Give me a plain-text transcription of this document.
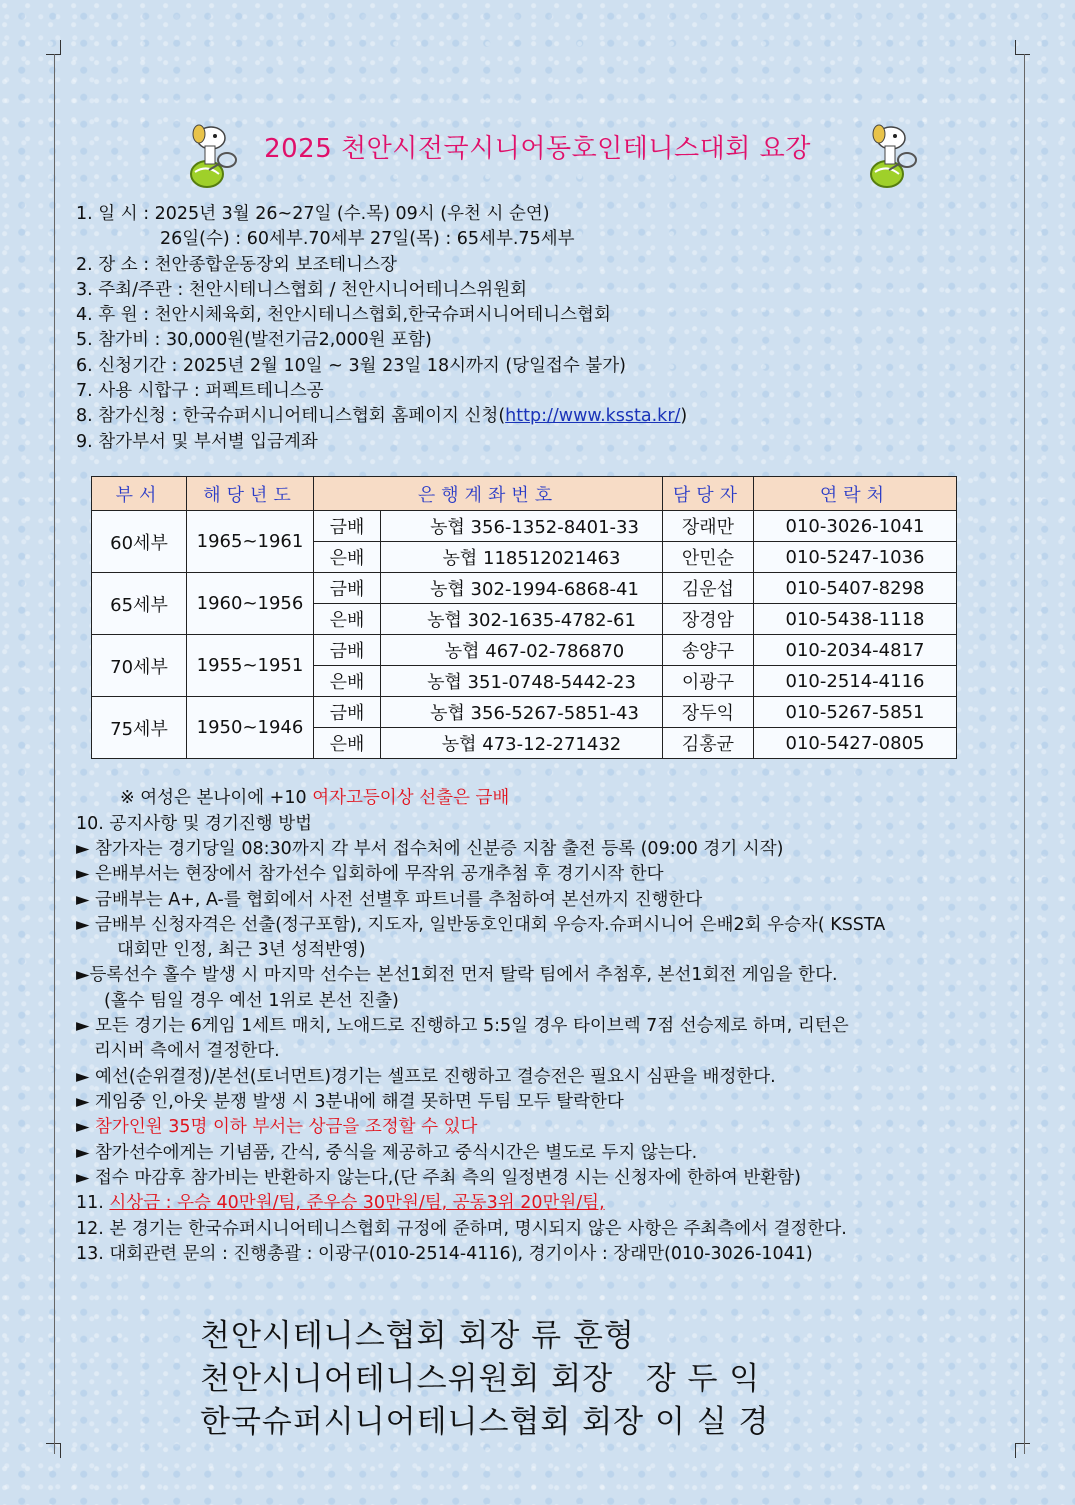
2025 천안시전국시니어동호인테니스대회 요강
1. 일 시 : 2025년 3월 26~27일 (수.목) 09시 (우천 시 순연)
26일(수) : 60세부.70세부 27일(목) : 65세부.75세부
2. 장 소 : 천안종합운동장외 보조테니스장
3. 주최/주관 : 천안시테니스협회 / 천안시니어테니스위원회
4. 후 원 : 천안시체육회, 천안시테니스협회,한국슈퍼시니어테니스협회
5. 참가비 : 30,000원(발전기금2,000원 포함)
6. 신청기간 : 2025년 2월 10일 ~ 3월 23일 18시까지 (당일접수 불가)
7. 사용 시합구 : 퍼펙트테니스공
8. 참가신청 : 한국슈퍼시니어테니스협회 홈페이지 신청(http://www.kssta.kr/)
9. 참가부서 및 부서별 입금계좌
부서	해당년도	은행계좌번호		담당자	연락처
60세부	1965~1961	금배	농협 356-1352-8401-33	장래만	010-3026-1041
		은배	농협 118512021463	안민순	010-5247-1036
65세부	1960~1956	금배	농협 302-1994-6868-41	김운섭	010-5407-8298
		은배	농협 302-1635-4782-61	장경암	010-5438-1118
70세부	1955~1951	금배	농협 467-02-786870	송양구	010-2034-4817
		은배	농협 351-0748-5442-23	이광구	010-2514-4116
75세부	1950~1946	금배	농협 356-5267-5851-43	장두익	010-5267-5851
		은배	농협 473-12-271432	김홍균	010-5427-0805
※ 여성은 본나이에 +10 여자고등이상 선출은 금배
10. 공지사항 및 경기진행 방법
► 참가자는 경기당일 08:30까지 각 부서 접수처에 신분증 지참 출전 등록 (09:00 경기 시작)
► 은배부서는 현장에서 참가선수 입회하에 무작위 공개추첨 후 경기시작 한다
► 금배부는 A+, A-를 협회에서 사전 선별후 파트너를 추첨하여 본선까지 진행한다
► 금배부 신청자격은 선출(정구포함), 지도자, 일반동호인대회 우승자.슈퍼시니어 은배2회 우승자( KSSTA
대회만 인정, 최근 3년 성적반영)
►등록선수 홀수 발생 시 마지막 선수는 본선1회전 먼저 탈락 팀에서 추첨후, 본선1회전 게임을 한다.
(홀수 팀일 경우 예선 1위로 본선 진출)
► 모든 경기는 6게임 1세트 매치, 노애드로 진행하고 5:5일 경우 타이브렉 7점 선승제로 하며, 리턴은
리시버 측에서 결정한다.
► 예선(순위결정)/본선(토너먼트)경기는 셀프로 진행하고 결승전은 필요시 심판을 배정한다.
► 게임중 인,아웃 분쟁 발생 시 3분내에 해결 못하면 두팀 모두 탈락한다
► 참가인원 35명 이하 부서는 상금을 조정할 수 있다
► 참가선수에게는 기념품, 간식, 중식을 제공하고 중식시간은 별도로 두지 않는다.
► 접수 마감후 참가비는 반환하지 않는다,(단 주최 측의 일정변경 시는 신청자에 한하여 반환함)
11. 시상금 : 우승 40만원/팀, 준우승 30만원/팀, 공동3위 20만원/팀,
12. 본 경기는 한국슈퍼시니어테니스협회 규정에 준하며, 명시되지 않은 사항은 주최측에서 결정한다.
13. 대회관련 문의 : 진행총괄 : 이광구(010-2514-4116), 경기이사 : 장래만(010-3026-1041)
천안시테니스협회 회장 류 훈형
천안시니어테니스위원회 회장   장 두 익
한국슈퍼시니어테니스협회 회장 이 실 경
